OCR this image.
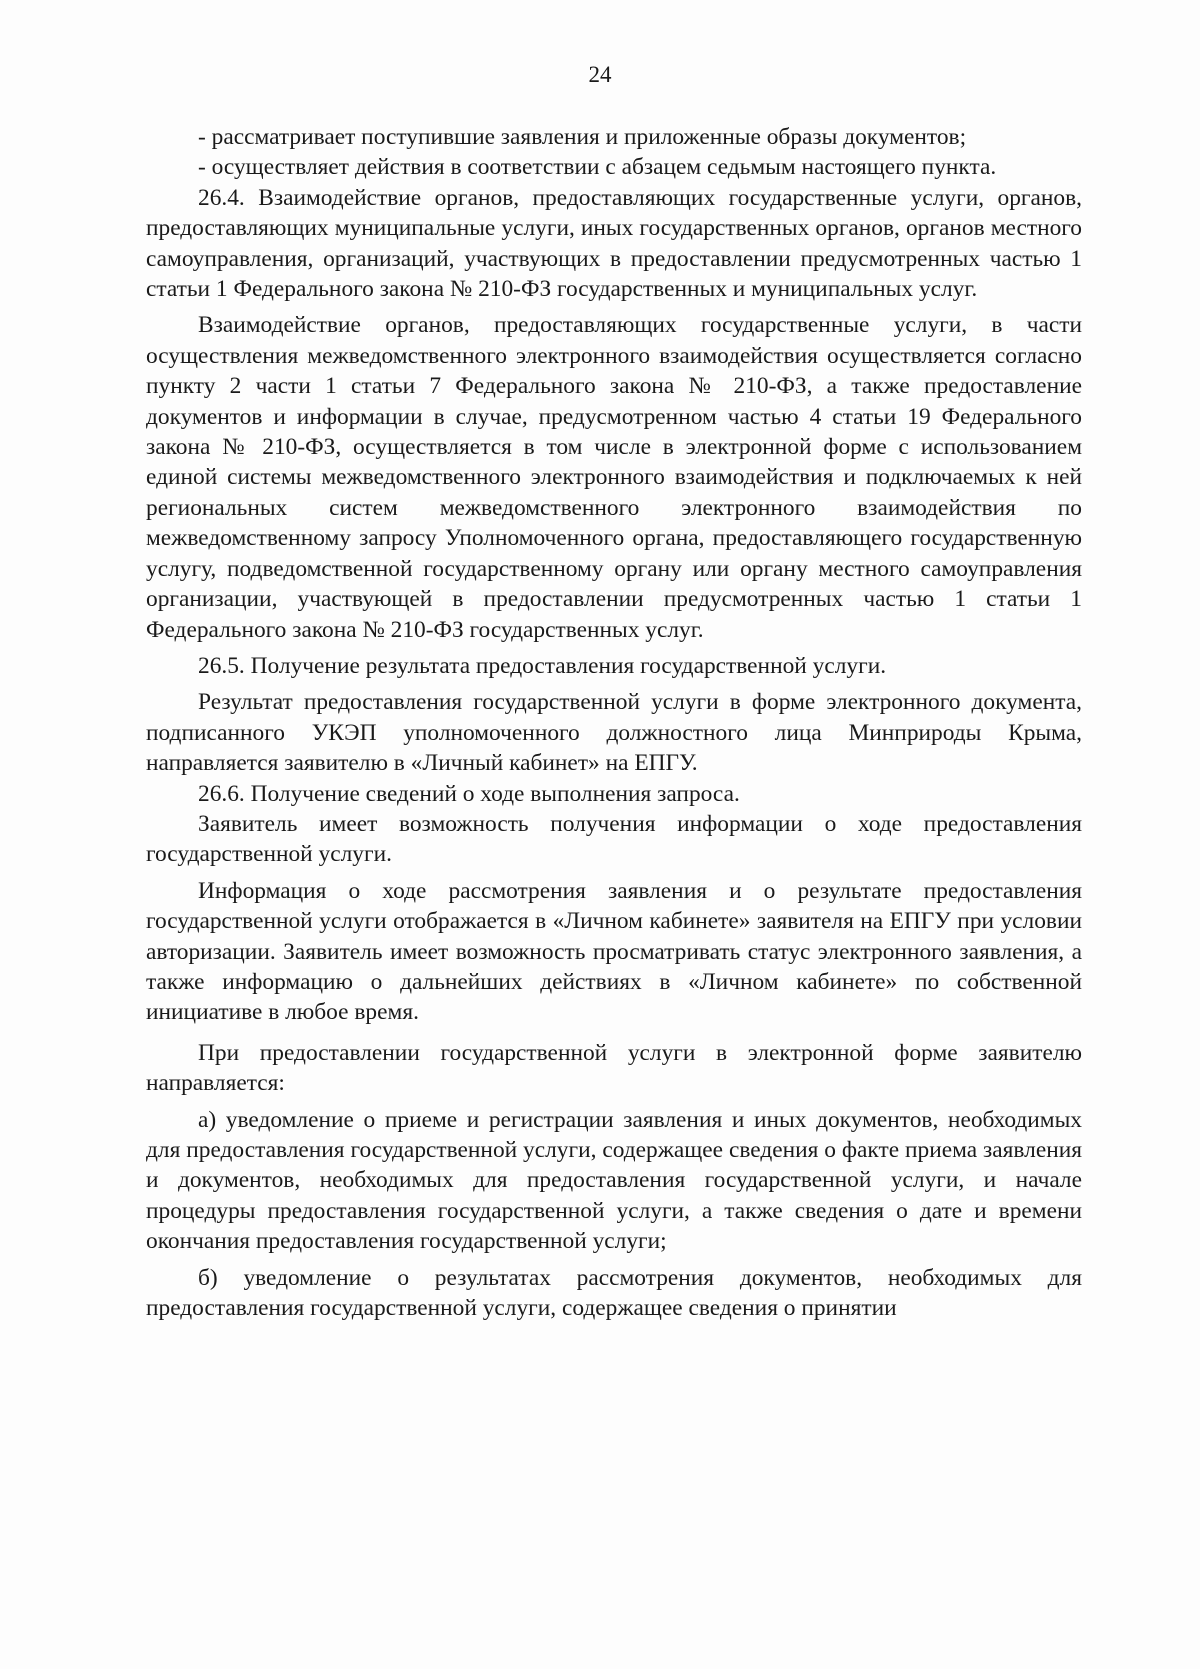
24

- рассматривает поступившие заявления и приложенные образы документов;

- осуществляет действия в соответствии с абзацем седьмым настоящего пункта.

26.4. Взаимодействие органов, предоставляющих государственные услуги, органов, предоставляющих муниципальные услуги, иных государственных органов, органов местного самоуправления, организаций, участвующих в предоставлении предусмотренных частью 1 статьи 1 Федерального закона № 210-ФЗ государственных и муниципальных услуг.

Взаимодействие органов, предоставляющих государственные услуги, в части осуществления межведомственного электронного взаимодействия осуществляется согласно пункту 2 части 1 статьи 7 Федерального закона № 210-ФЗ, а также предоставление документов и информации в случае, предусмотренном частью 4 статьи 19 Федерального закона № 210-ФЗ, осуществляется в том числе в электронной форме с использованием единой системы межведомственного электронного взаимодействия и подключаемых к ней региональных систем межведомственного электронного взаимодействия по межведомственному запросу Уполномоченного органа, предоставляющего государственную услугу, подведомственной государственному органу или органу местного самоуправления организации, участвующей в предоставлении предусмотренных частью 1 статьи 1 Федерального закона № 210-ФЗ государственных услуг.

26.5. Получение результата предоставления государственной услуги.

Результат предоставления государственной услуги в форме электронного документа, подписанного УКЭП уполномоченного должностного лица Минприроды Крыма, направляется заявителю в «Личный кабинет» на ЕПГУ.

26.6. Получение сведений о ходе выполнения запроса.

Заявитель имеет возможность получения информации о ходе предоставления государственной услуги.

Информация о ходе рассмотрения заявления и о результате предоставления государственной услуги отображается в «Личном кабинете» заявителя на ЕПГУ при условии авторизации. Заявитель имеет возможность просматривать статус электронного заявления, а также информацию о дальнейших действиях в «Личном кабинете» по собственной инициативе в любое время.

При предоставлении государственной услуги в электронной форме заявителю направляется:

а) уведомление о приеме и регистрации заявления и иных документов, необходимых для предоставления государственной услуги, содержащее сведения о факте приема заявления и документов, необходимых для предоставления государственной услуги, и начале процедуры предоставления государственной услуги, а также сведения о дате и времени окончания предоставления государственной услуги;

б) уведомление о результатах рассмотрения документов, необходимых для предоставления государственной услуги, содержащее сведения о принятии
